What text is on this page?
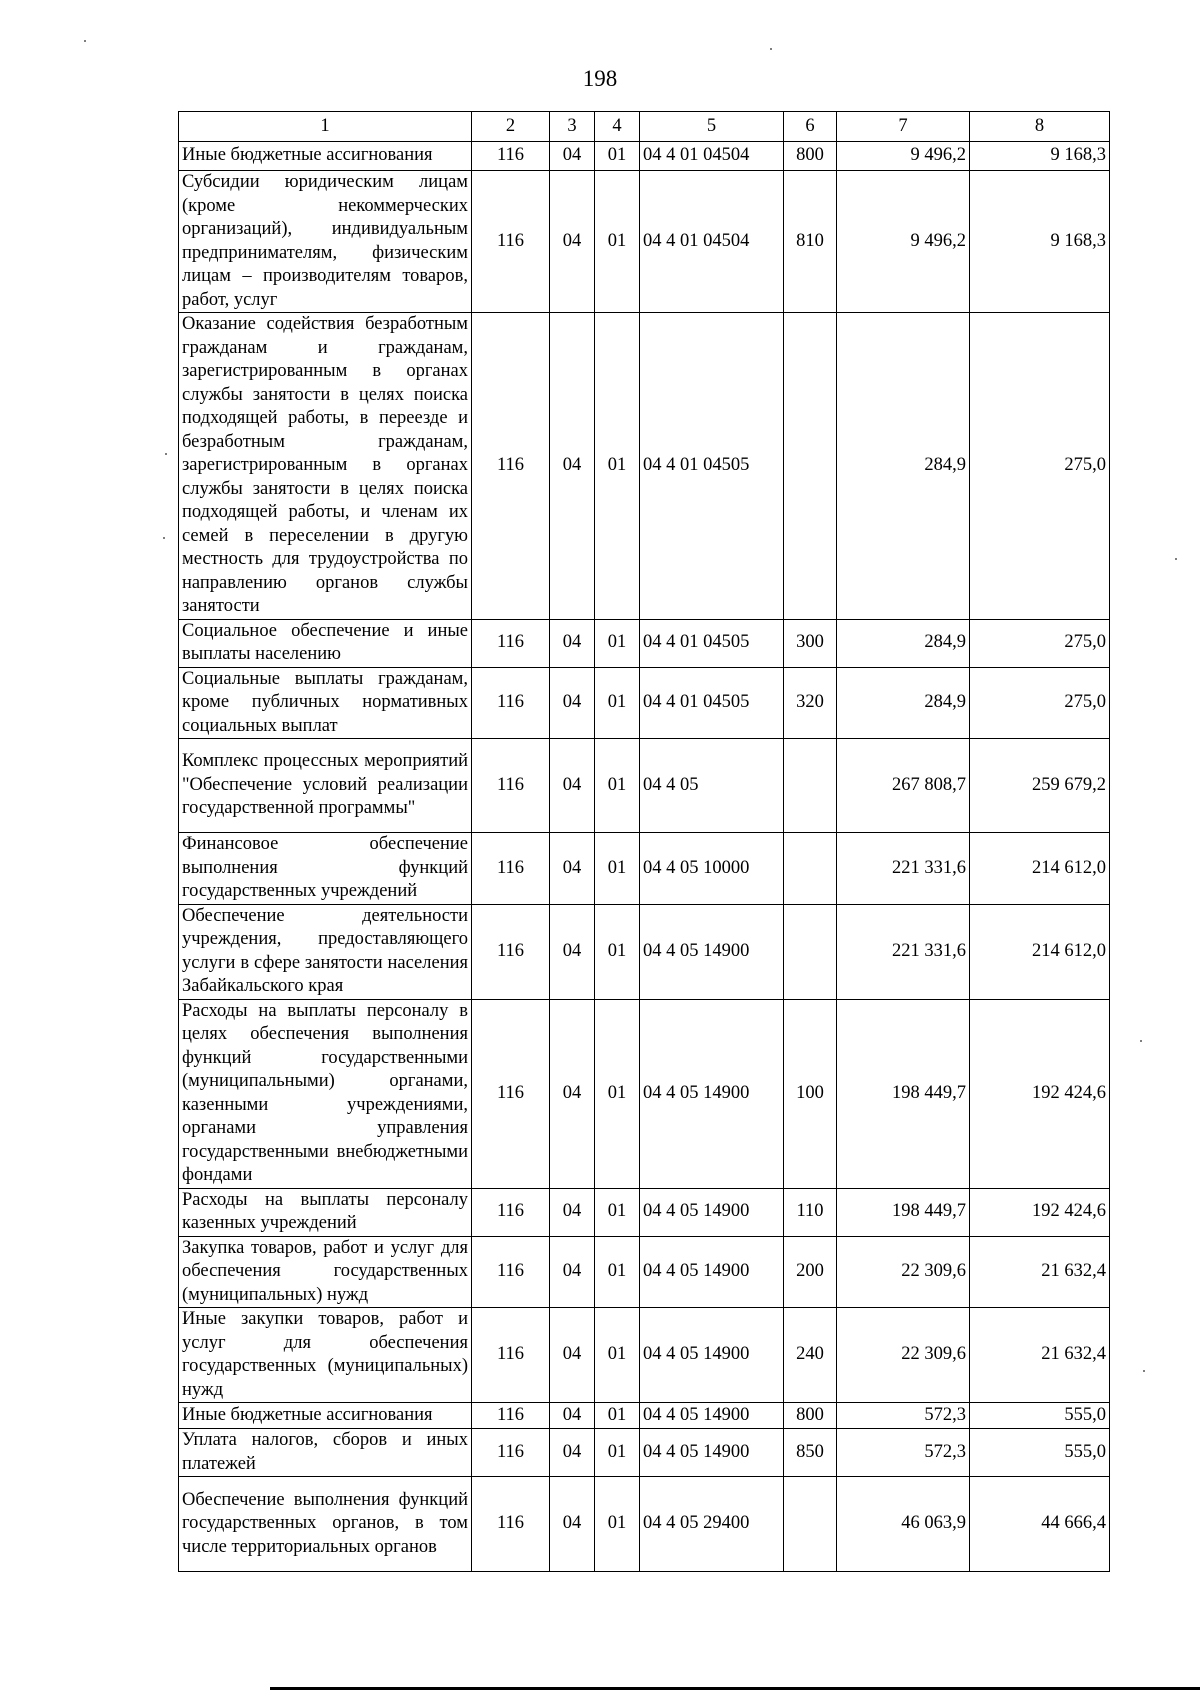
198
1	2	3	4	5	6	7	8
Иные бюджетные ассигнования	116	04	01	04 4 01 04504	800	9 496,2	9 168,3
Субсидии юридическим лицам (кроме некоммерческих организаций), индивидуальным предпринимателям, физическим лицам – производителям товаров, работ, услуг	116	04	01	04 4 01 04504	810	9 496,2	9 168,3
Оказание содействия безработным гражданам и гражданам, зарегистрированным в органах службы занятости в целях поиска подходящей работы, в переезде и безработным гражданам, зарегистрированным в органах службы занятости в целях поиска подходящей работы, и членам их семей в переселении в другую местность для трудоустройства по направлению органов службы занятости	116	04	01	04 4 01 04505		284,9	275,0
Социальное обеспечение и иные выплаты населению	116	04	01	04 4 01 04505	300	284,9	275,0
Социальные выплаты гражданам, кроме публичных нормативных социальных выплат	116	04	01	04 4 01 04505	320	284,9	275,0
Комплекс процессных мероприятий "Обеспечение условий реализации государственной программы"	116	04	01	04 4 05		267 808,7	259 679,2
Финансовое обеспечение выполнения функций государственных учреждений	116	04	01	04 4 05 10000		221 331,6	214 612,0
Обеспечение деятельности учреждения, предоставляющего услуги в сфере занятости населения Забайкальского края	116	04	01	04 4 05 14900		221 331,6	214 612,0
Расходы на выплаты персоналу в целях обеспечения выполнения функций государственными (муниципальными) органами, казенными учреждениями, органами управления государственными внебюджетными фондами	116	04	01	04 4 05 14900	100	198 449,7	192 424,6
Расходы на выплаты персоналу казенных учреждений	116	04	01	04 4 05 14900	110	198 449,7	192 424,6
Закупка товаров, работ и услуг для обеспечения государственных (муниципальных) нужд	116	04	01	04 4 05 14900	200	22 309,6	21 632,4
Иные закупки товаров, работ и услуг для обеспечения государственных (муниципальных) нужд	116	04	01	04 4 05 14900	240	22 309,6	21 632,4
Иные бюджетные ассигнования	116	04	01	04 4 05 14900	800	572,3	555,0
Уплата налогов, сборов и иных платежей	116	04	01	04 4 05 14900	850	572,3	555,0
Обеспечение выполнения функций государственных органов, в том числе территориальных органов	116	04	01	04 4 05 29400		46 063,9	44 666,4
